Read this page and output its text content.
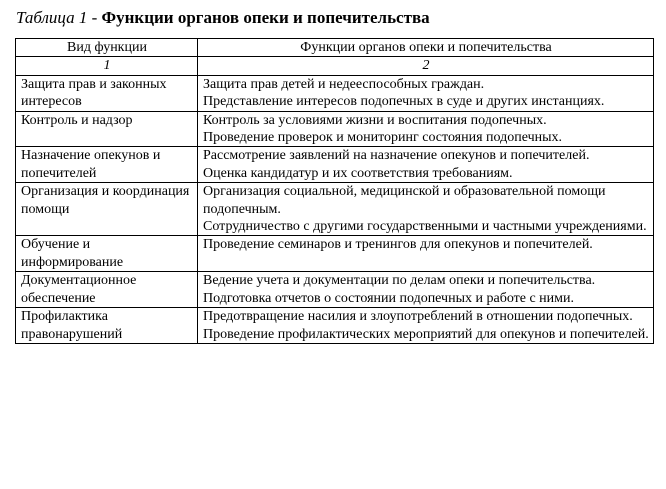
Таблица 1 - Функции органов опеки и попечительства
Вид функции	Функции органов опеки и попечительства
1	2
Защита прав и законных интересов	Защита прав детей и недееспособных граждан.
Представление интересов подопечных в суде и других инстанциях.

Контроль и надзор	Контроль за условиями жизни и воспитания подопечных.
Проведение проверок и мониторинг состояния подопечных.

Назначение опекунов и попечителей	Рассмотрение заявлений на назначение опекунов и попечителей.
Оценка кандидатур и их соответствия требованиям.

Организация и координация помощи	Организация социальной, медицинской и образовательной помощи подопечным.
Сотрудничество с другими государственными и частными учреждениями.

Обучение и информирование	Проведение семинаров и тренингов для опекунов и попечителей.

Документационное обеспечение	Ведение учета и документации по делам опеки и попечительства.
Подготовка отчетов о состоянии подопечных и работе с ними.

Профилактика правонарушений	Предотвращение насилия и злоупотреблений в отношении подопечных.
Проведение профилактических мероприятий для опекунов и попечителей.
